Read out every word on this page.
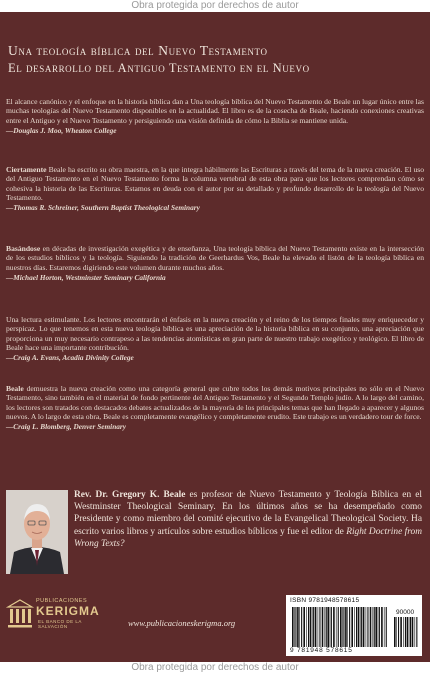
Obra protegida por derechos de autor
Una teología bíblica del Nuevo Testamento
El desarrollo del Antiguo Testamento en el Nuevo
El alcance canónico y el enfoque en la historia bíblica dan a Una teología bíblica del Nuevo Testamento de Beale un lugar único entre las muchas teologías del Nuevo Testamento disponibles en la actualidad. El libro es de la cosecha de Beale, haciendo conexiones creativas entre el Antiguo y el Nuevo Testamento y persiguiendo una visión definida de cómo la Biblia se mantiene unida.
—Douglas J. Moo, Wheaton College
Ciertamente Beale ha escrito su obra maestra, en la que integra hábilmente las Escrituras a través del tema de la nueva creación. El uso del Antiguo Testamento en el Nuevo Testamento forma la columna vertebral de esta obra para que los lectores comprendan cómo se cohesiva la historia de las Escrituras. Estamos en deuda con el autor por su detallado y profundo desarrollo de la teología del Nuevo Testamento.
—Thomas R. Schreiner, Southern Baptist Theological Seminary
Basándose en décadas de investigación exegética y de enseñanza, Una teología bíblica del Nuevo Testamento existe en la intersección de los estudios bíblicos y la teología. Siguiendo la tradición de Geerhardus Vos, Beale ha elevado el listón de la teología bíblica en nuestros días. Estaremos digiriendo este volumen durante muchos años.
—Michael Horton, Westminster Seminary California
Una lectura estimulante. Los lectores encontrarán el énfasis en la nueva creación y el reino de los tiempos finales muy enriquecedor y perspicaz. Lo que tenemos en esta nueva teología bíblica es una apreciación de la historia bíblica en su conjunto, una apreciación que proporciona un muy necesario contrapeso a las tendencias atomísticas en gran parte de nuestro trabajo exegético y teológico. El libro de Beale hace una importante contribución.
—Craig A. Evans, Acadia Divinity College
Beale demuestra la nueva creación como una categoría general que cubre todos los demás motivos principales no sólo en el Nuevo Testamento, sino también en el material de fondo pertinente del Antiguo Testamento y el Segundo Templo judío. A lo largo del camino, los lectores son tratados con destacados debates actualizados de la mayoría de los principales temas que han llegado a aparecer y algunos nuevos. A lo largo de esta obra, Beale es completamente evangélico y completamente erudito. Este trabajo es un verdadero tour de force.
—Craig L. Blomberg, Denver Seminary
Rev. Dr. Gregory K. Beale es profesor de Nuevo Testamento y Teología Bíblica en el Westminster Theological Seminary. En los últimos años se ha desempeñado como Presidente y como miembro del comité ejecutivo de la Evangelical Theological Society. Ha escrito varios libros y artículos sobre estudios bíblicos y fue el editor de Right Doctrine from Wrong Texts?
PUBLICACIONES
KERIGMA
EL BANCO DE LA SALVACIÓN	www.publicacioneskerigma.org
ISBN 9781948578615
90000
9 781948 578615
Obra protegida por derechos de autor
